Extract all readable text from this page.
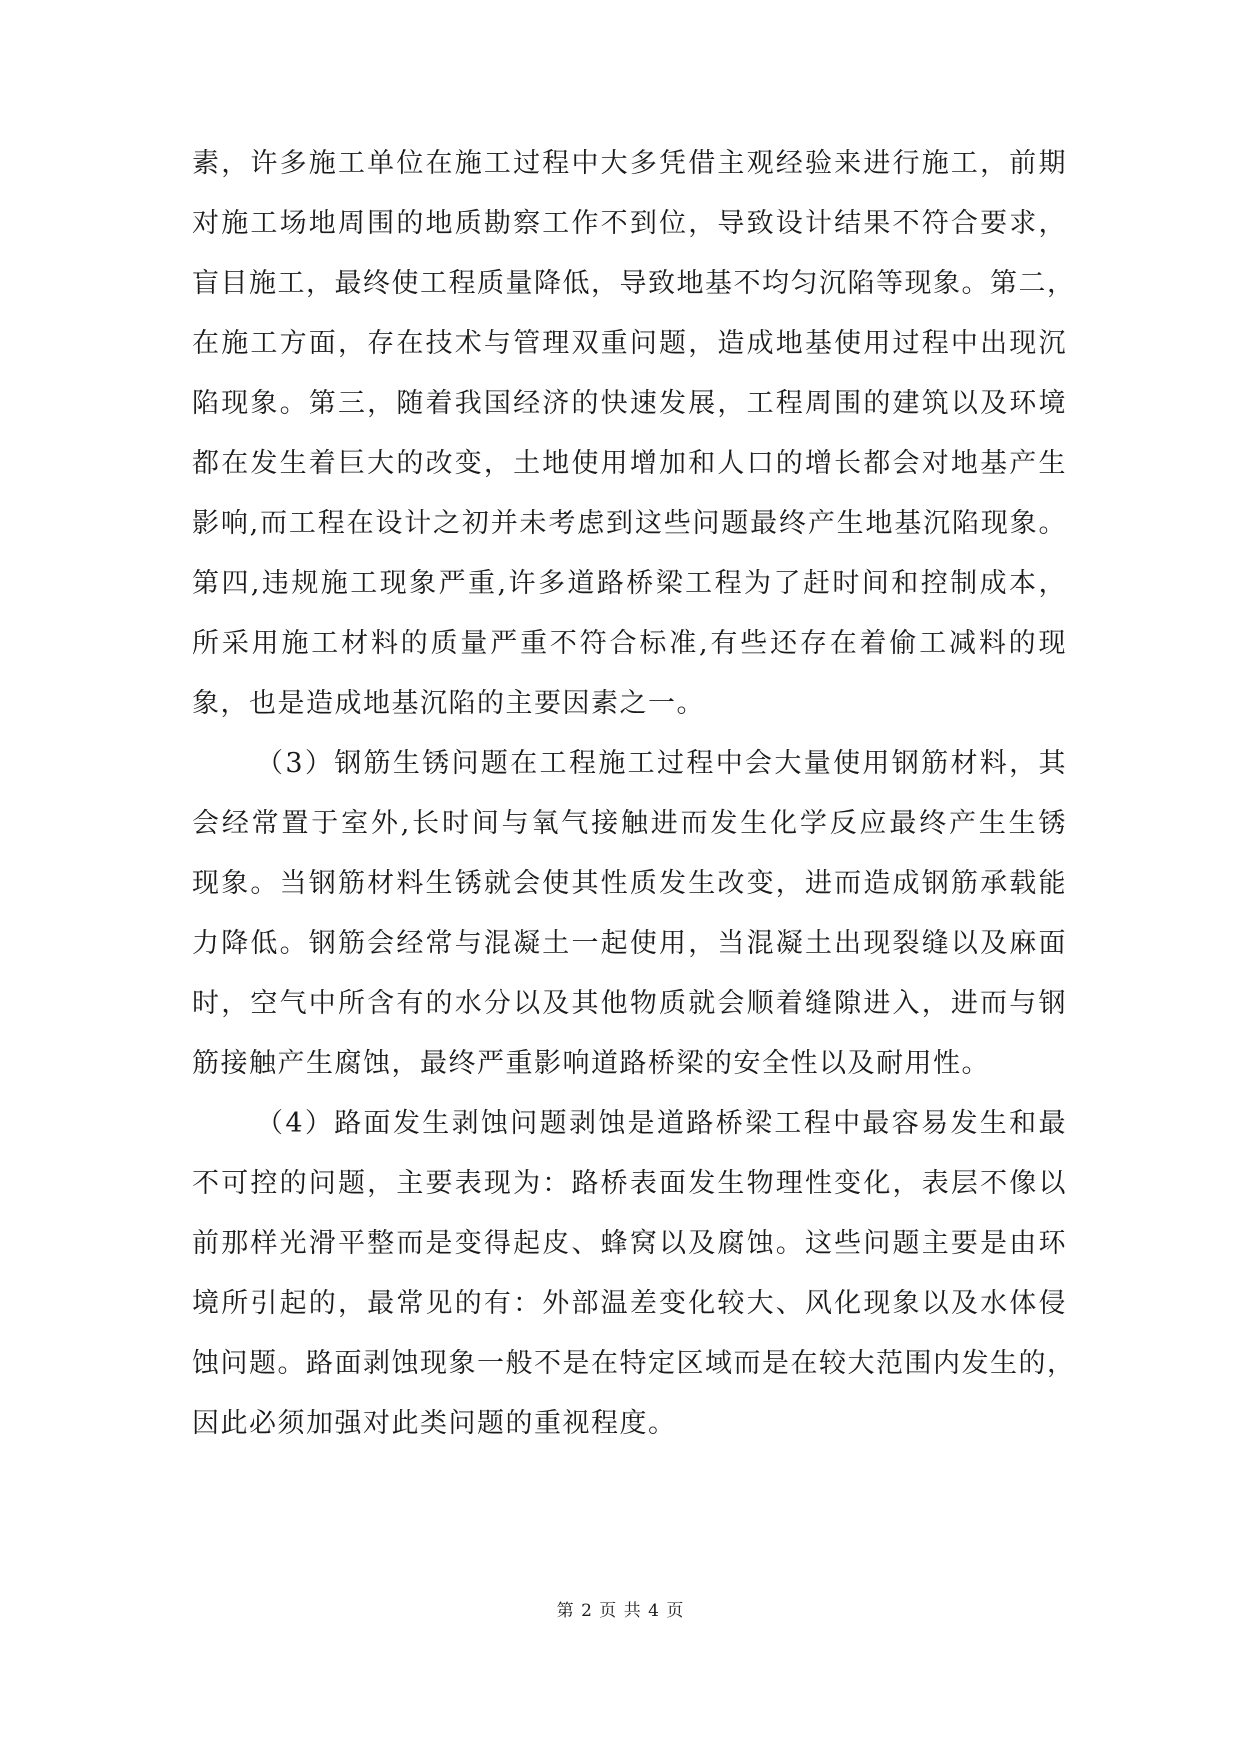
素，许多施工单位在施工过程中大多凭借主观经验来进行施工，前期
对施工场地周围的地质勘察工作不到位，导致设计结果不符合要求，
盲目施工，最终使工程质量降低，导致地基不均匀沉陷等现象。第二，
在施工方面，存在技术与管理双重问题，造成地基使用过程中出现沉
陷现象。第三，随着我国经济的快速发展，工程周围的建筑以及环境
都在发生着巨大的改变，土地使用增加和人口的增长都会对地基产生
影响,而工程在设计之初并未考虑到这些问题最终产生地基沉陷现象。
第四,违规施工现象严重,许多道路桥梁工程为了赶时间和控制成本，
所采用施工材料的质量严重不符合标准,有些还存在着偷工减料的现
象，也是造成地基沉陷的主要因素之一。
（3）钢筋生锈问题在工程施工过程中会大量使用钢筋材料，其
会经常置于室外,长时间与氧气接触进而发生化学反应最终产生生锈
现象。当钢筋材料生锈就会使其性质发生改变，进而造成钢筋承载能
力降低。钢筋会经常与混凝土一起使用，当混凝土出现裂缝以及麻面
时，空气中所含有的水分以及其他物质就会顺着缝隙进入，进而与钢
筋接触产生腐蚀，最终严重影响道路桥梁的安全性以及耐用性。
（4）路面发生剥蚀问题剥蚀是道路桥梁工程中最容易发生和最
不可控的问题，主要表现为：路桥表面发生物理性变化，表层不像以
前那样光滑平整而是变得起皮、蜂窝以及腐蚀。这些问题主要是由环
境所引起的，最常见的有：外部温差变化较大、风化现象以及水体侵
蚀问题。路面剥蚀现象一般不是在特定区域而是在较大范围内发生的，
因此必须加强对此类问题的重视程度。
第 2 页 共 4 页
